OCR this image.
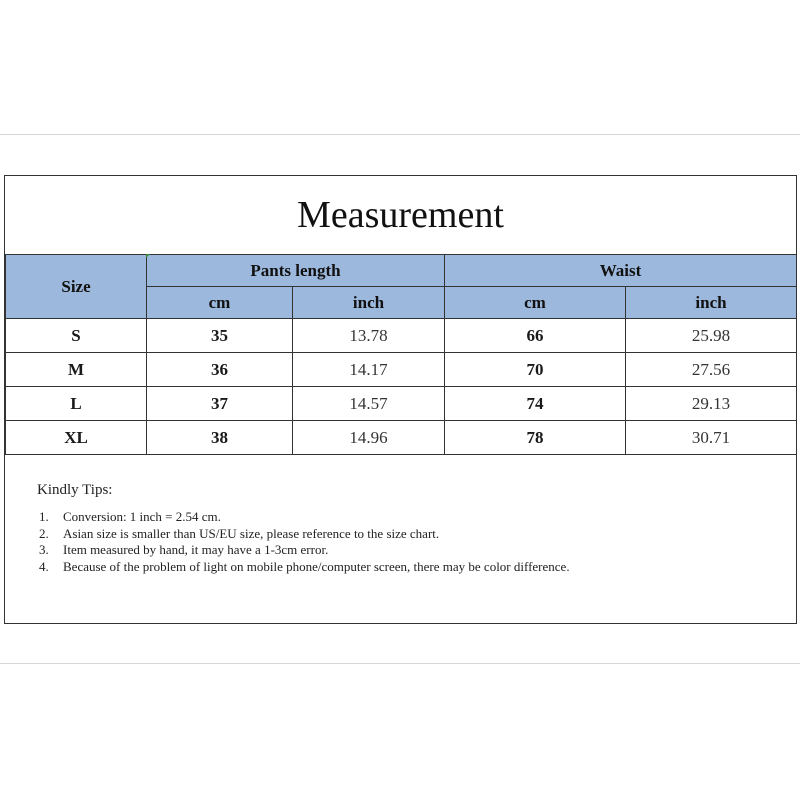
Measurement
Size	Pants length		Waist	
	cm	inch	cm	inch
S	35	13.78	66	25.98
M	36	14.17	70	27.56
L	37	14.57	74	29.13
XL	38	14.96	78	30.71
Kindly Tips:
1.	Conversion: 1 inch = 2.54 cm.
2.	Asian size is smaller than US/EU size, please reference to the size chart.
3.	Item measured by hand, it may have a 1-3cm error.
4.	Because of the problem of light on mobile phone/computer screen, there may be color difference.
